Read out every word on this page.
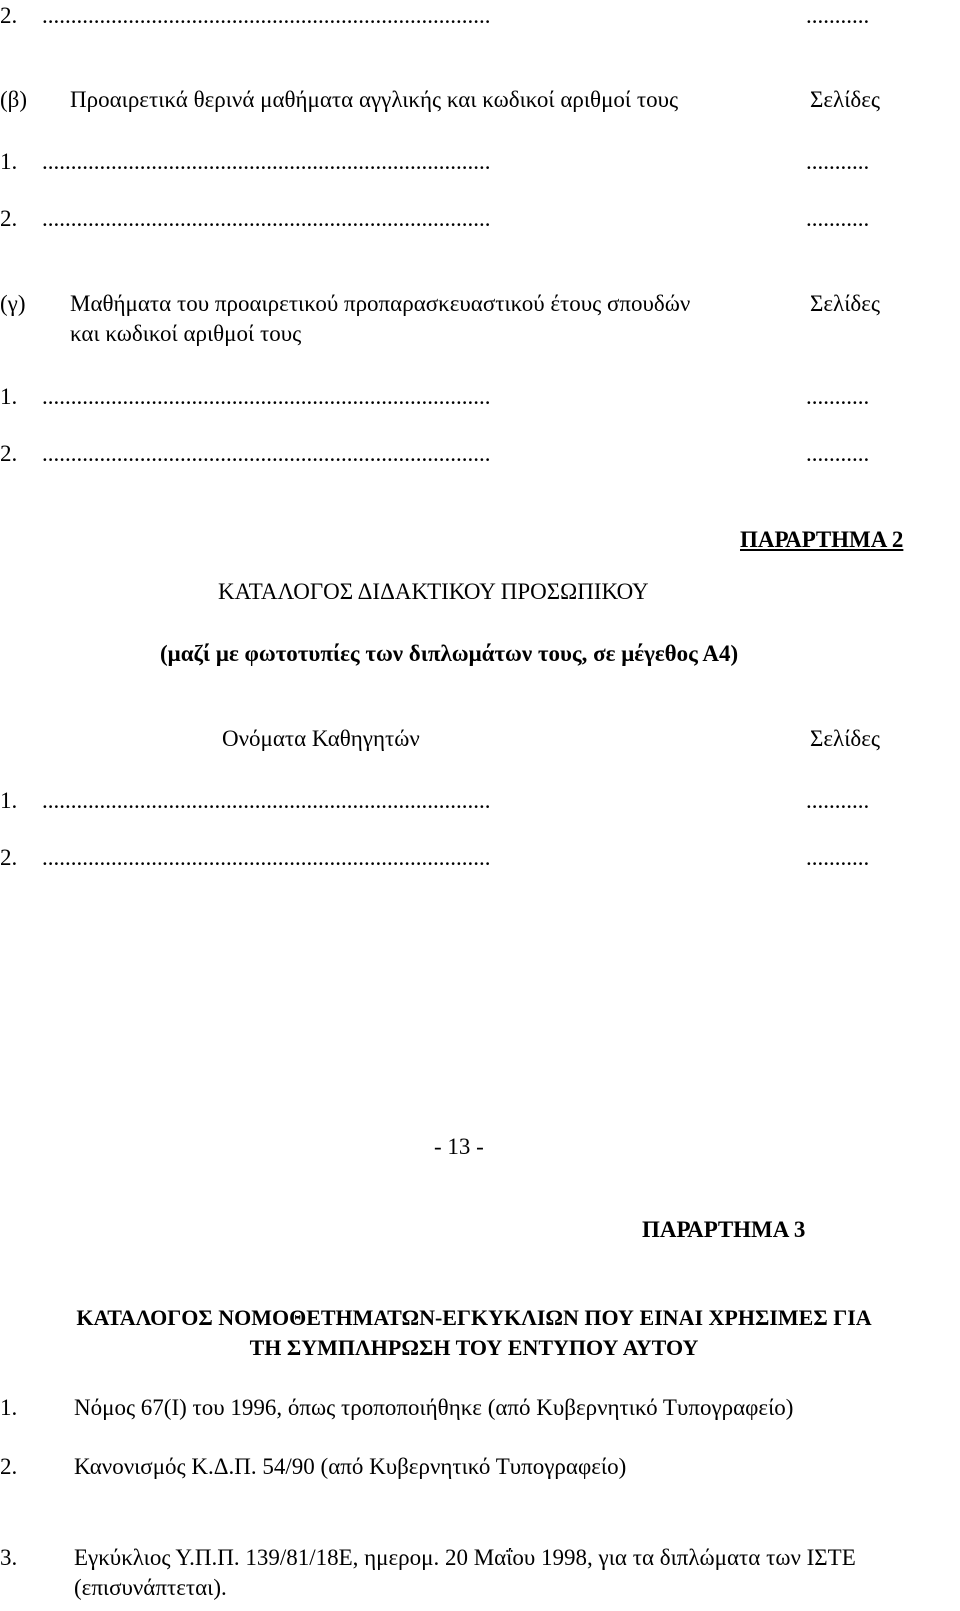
2. ..............................................................................	...........
(β) Προαιρετικά θερινά μαθήματα αγγλικής και κωδικοί αριθμοί τους	Σελίδες
1. ..............................................................................	...........
2. ..............................................................................	...........
(γ) Μαθήματα του προαιρετικού προπαρασκευαστικού έτους σπουδών	Σελίδες
και κωδικοί αριθμοί τους
1. ..............................................................................	...........
2. ..............................................................................	...........
ΠΑΡΑΡΤΗΜΑ 2
ΚΑΤΑΛΟΓΟΣ ΔΙΔΑΚΤΙΚΟΥ ΠΡΟΣΩΠΙΚΟΥ
(μαζί με φωτοτυπίες των διπλωμάτων τους, σε μέγεθος Α4)
Ονόματα Καθηγητών	Σελίδες
1. ..............................................................................	...........
2. ..............................................................................	...........
- 13 -
ΠΑΡΑΡΤΗΜΑ 3
ΚΑΤΑΛΟΓΟΣ ΝΟΜΟΘΕΤΗΜΑΤΩΝ-ΕΓΚΥΚΛΙΩΝ ΠΟΥ ΕΙΝΑΙ ΧΡΗΣΙΜΕΣ ΓΙΑ
ΤΗ ΣΥΜΠΛΗΡΩΣΗ ΤΟΥ ΕΝΤΥΠΟΥ ΑΥΤΟΥ
1. Νόμος 67(Ι) του 1996, όπως τροποποιήθηκε (από Κυβερνητικό Τυπογραφείο)
2. Κανονισμός Κ.Δ.Π. 54/90 (από Κυβερνητικό Τυπογραφείο)
3. Εγκύκλιος Υ.Π.Π. 139/81/18Ε, ημερομ. 20 Μαΐου 1998, για τα διπλώματα των ΙΣΤΕ
(επισυνάπτεται).
